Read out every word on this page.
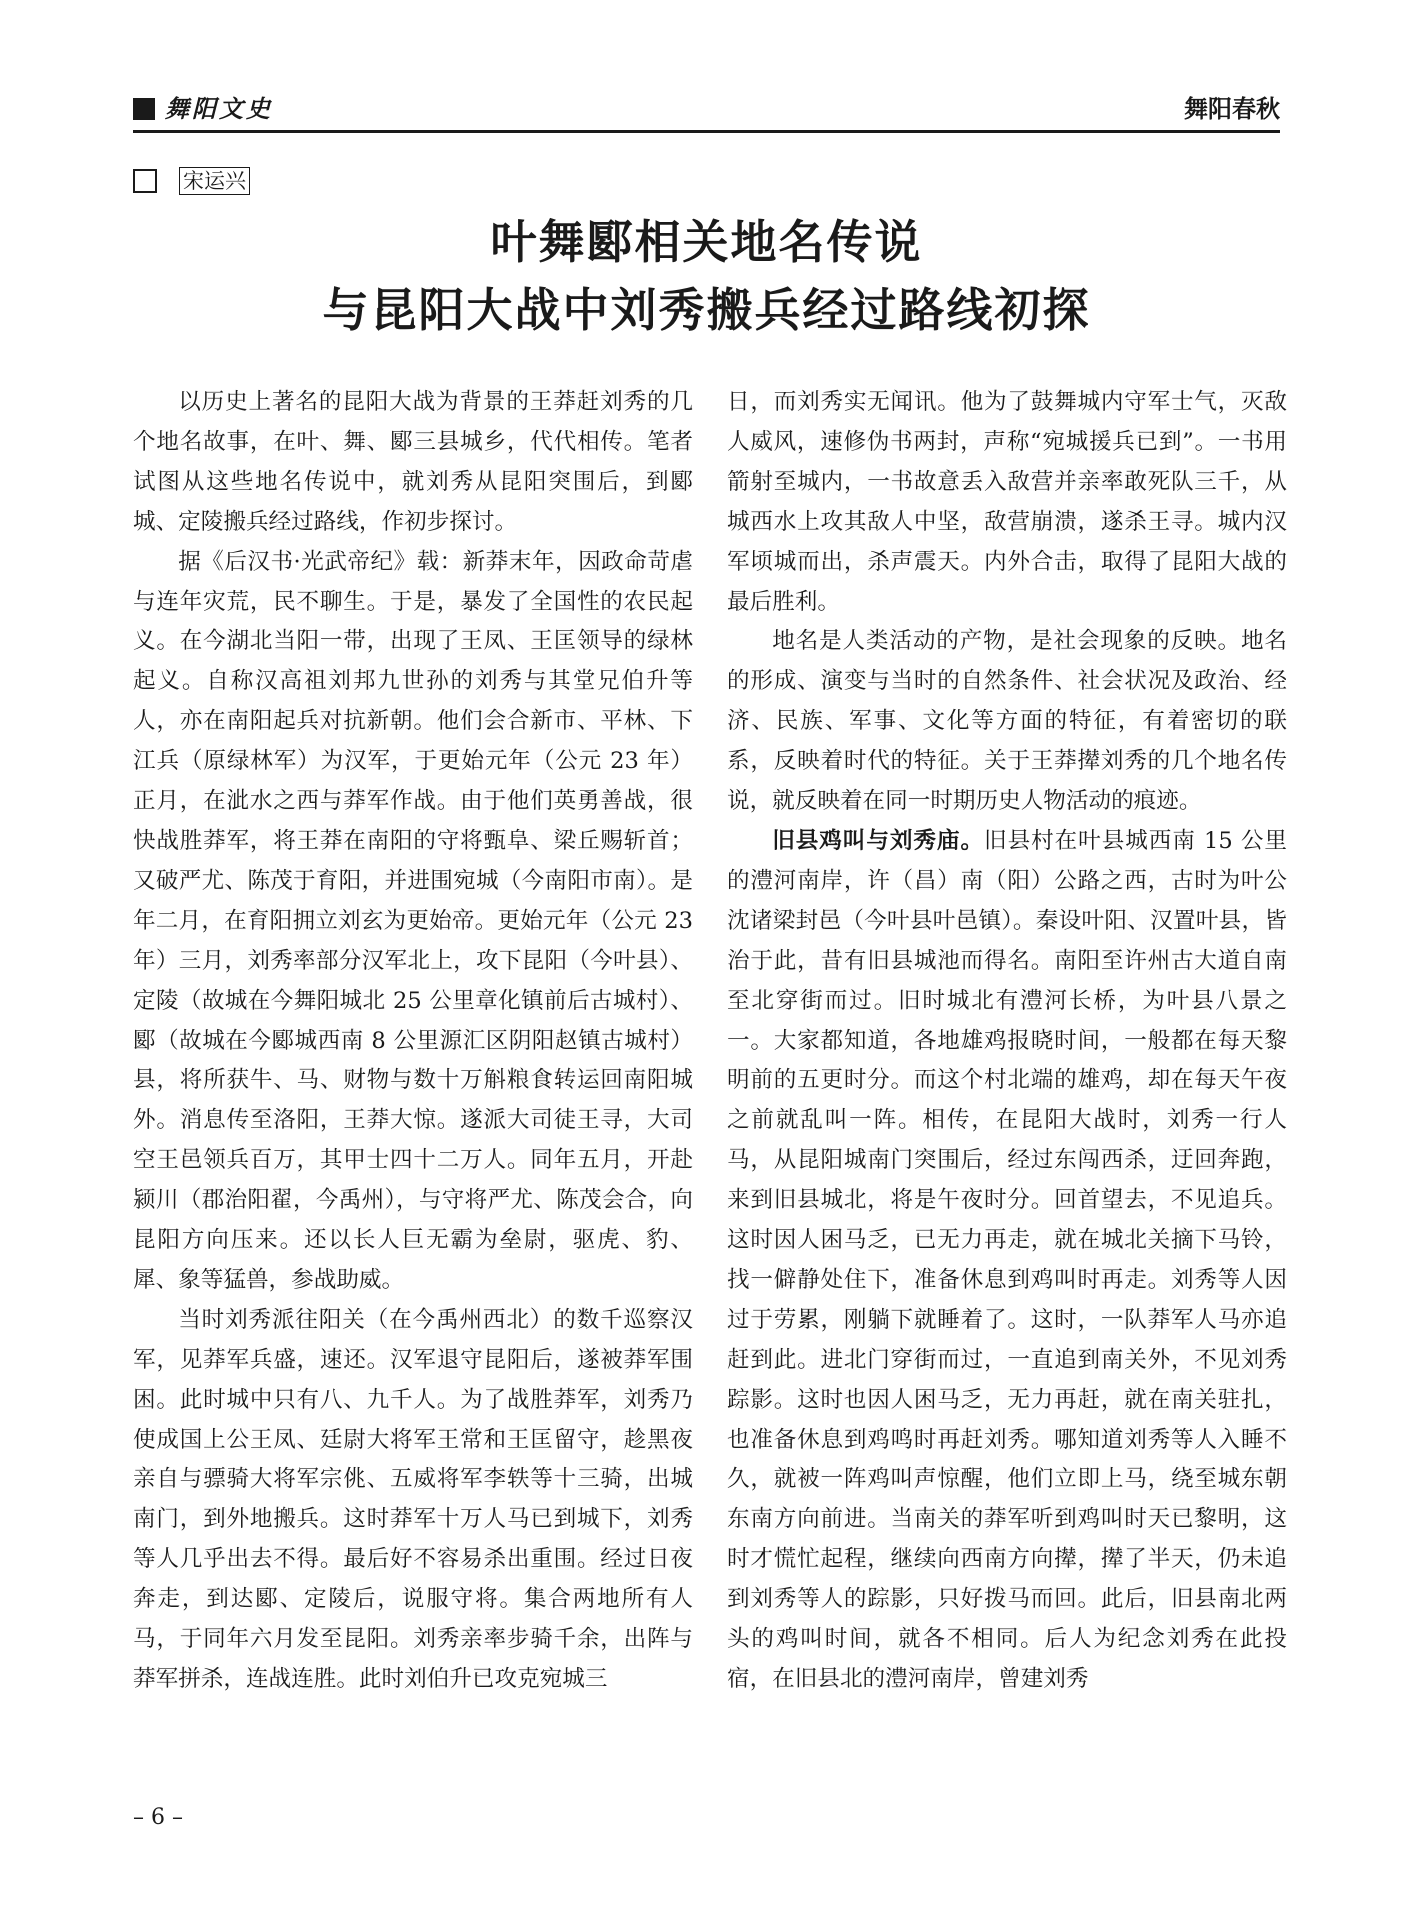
舞阳文史	舞阳春秋
宋运兴
叶舞郾相关地名传说
与昆阳大战中刘秀搬兵经过路线初探

以历史上著名的昆阳大战为背景的王莽赶刘秀的几个地名故事，在叶、舞、郾三县城乡，代代相传。笔者试图从这些地名传说中，就刘秀从昆阳突围后，到郾城、定陵搬兵经过路线，作初步探讨。

据《后汉书·光武帝纪》载：新莽末年，因政命苛虐与连年灾荒，民不聊生。于是，暴发了全国性的农民起义。在今湖北当阳一带，出现了王凤、王匡领导的绿林起义。自称汉高祖刘邦九世孙的刘秀与其堂兄伯升等人，亦在南阳起兵对抗新朝。他们会合新市、平林、下江兵（原绿林军）为汉军，于更始元年（公元 23 年）正月，在泚水之西与莽军作战。由于他们英勇善战，很快战胜莽军，将王莽在南阳的守将甄阜、梁丘赐斩首；又破严尤、陈茂于育阳，并进围宛城（今南阳市南）。是年二月，在育阳拥立刘玄为更始帝。更始元年（公元 23 年）三月，刘秀率部分汉军北上，攻下昆阳（今叶县）、定陵（故城在今舞阳城北 25 公里章化镇前后古城村）、郾（故城在今郾城西南 8 公里源汇区阴阳赵镇古城村）县，将所获牛、马、财物与数十万斛粮食转运回南阳城外。消息传至洛阳，王莽大惊。遂派大司徒王寻，大司空王邑领兵百万，其甲士四十二万人。同年五月，开赴颍川（郡治阳翟，今禹州），与守将严尤、陈茂会合，向昆阳方向压来。还以长人巨无霸为垒尉，驱虎、豹、犀、象等猛兽，参战助威。

当时刘秀派往阳关（在今禹州西北）的数千巡察汉军，见莽军兵盛，速还。汉军退守昆阳后，遂被莽军围困。此时城中只有八、九千人。为了战胜莽军，刘秀乃使成国上公王凤、廷尉大将军王常和王匡留守，趁黑夜亲自与骠骑大将军宗佻、五威将军李轶等十三骑，出城南门，到外地搬兵。这时莽军十万人马已到城下，刘秀等人几乎出去不得。最后好不容易杀出重围。经过日夜奔走，到达郾、定陵后，说服守将。集合两地所有人马，于同年六月发至昆阳。刘秀亲率步骑千余，出阵与莽军拼杀，连战连胜。此时刘伯升已攻克宛城三

日，而刘秀实无闻讯。他为了鼓舞城内守军士气，灭敌人威风，速修伪书两封，声称“宛城援兵已到”。一书用箭射至城内，一书故意丢入敌营并亲率敢死队三千，从城西水上攻其敌人中坚，敌营崩溃，遂杀王寻。城内汉军顷城而出，杀声震天。内外合击，取得了昆阳大战的最后胜利。

地名是人类活动的产物，是社会现象的反映。地名的形成、演变与当时的自然条件、社会状况及政治、经济、民族、军事、文化等方面的特征，有着密切的联系，反映着时代的特征。关于王莽撵刘秀的几个地名传说，就反映着在同一时期历史人物活动的痕迹。

旧县鸡叫与刘秀庙。旧县村在叶县城西南 15 公里的澧河南岸，许（昌）南（阳）公路之西，古时为叶公沈诸梁封邑（今叶县叶邑镇）。秦设叶阳、汉置叶县，皆治于此，昔有旧县城池而得名。南阳至许州古大道自南至北穿街而过。旧时城北有澧河长桥，为叶县八景之一。大家都知道，各地雄鸡报晓时间，一般都在每天黎明前的五更时分。而这个村北端的雄鸡，却在每天午夜之前就乱叫一阵。相传，在昆阳大战时，刘秀一行人马，从昆阳城南门突围后，经过东闯西杀，迂回奔跑，来到旧县城北，将是午夜时分。回首望去，不见追兵。这时因人困马乏，已无力再走，就在城北关摘下马铃，找一僻静处住下，准备休息到鸡叫时再走。刘秀等人因过于劳累，刚躺下就睡着了。这时，一队莽军人马亦追赶到此。进北门穿街而过，一直追到南关外，不见刘秀踪影。这时也因人困马乏，无力再赶，就在南关驻扎，也准备休息到鸡鸣时再赶刘秀。哪知道刘秀等人入睡不久，就被一阵鸡叫声惊醒，他们立即上马，绕至城东朝东南方向前进。当南关的莽军听到鸡叫时天已黎明，这时才慌忙起程，继续向西南方向撵，撵了半天，仍未追到刘秀等人的踪影，只好拨马而回。此后，旧县南北两头的鸡叫时间，就各不相同。后人为纪念刘秀在此投宿，在旧县北的澧河南岸，曾建刘秀

– 6 –
